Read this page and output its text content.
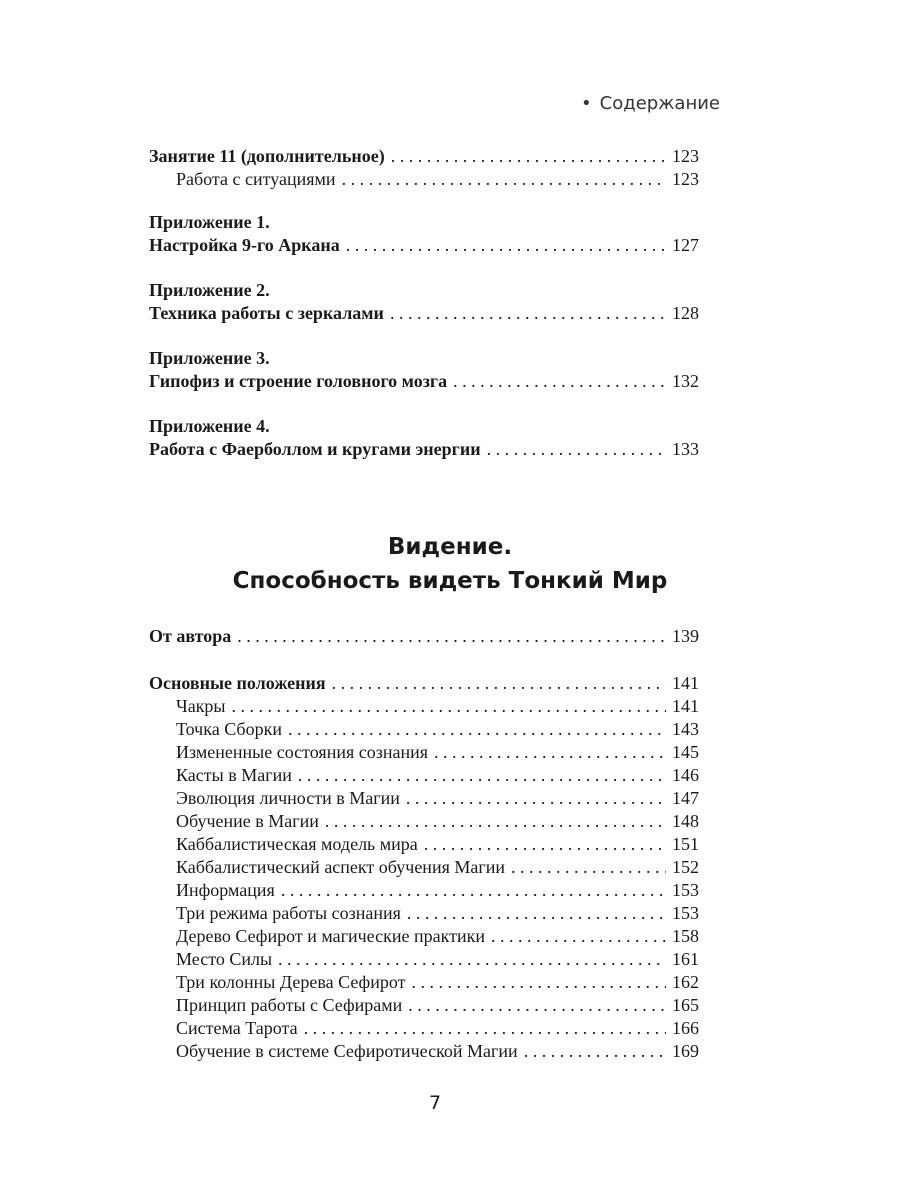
• Содержание
Занятие 11 (дополнительное) . . .	123
Работа с ситуациями . . .	123
Приложение 1.
Настройка 9-го Аркана . . .	127
Приложение 2.
Техника работы с зеркалами . . .	128
Приложение 3.
Гипофиз и строение головного мозга . . .	132
Приложение 4.
Работа с Фаерболлом и кругами энергии . . .	133
Видение.
Способность видеть Тонкий Мир
От автора . . .	139
Основные положения . . .	141
Чакры . . .	141
Точка Сборки . . .	143
Измененные состояния сознания . . .	145
Касты в Магии . . .	146
Эволюция личности в Магии . . .	147
Обучение в Магии . . .	148
Каббалистическая модель мира . . .	151
Каббалистический аспект обучения Магии . . .	152
Информация . . .	153
Три режима работы сознания . . .	153
Дерево Сефирот и магические практики . . .	158
Место Силы . . .	161
Три колонны Дерева Сефирот . . .	162
Принцип работы с Сефирами . . .	165
Система Тарота . . .	166
Обучение в системе Сефиротической Магии . . .	169
7
